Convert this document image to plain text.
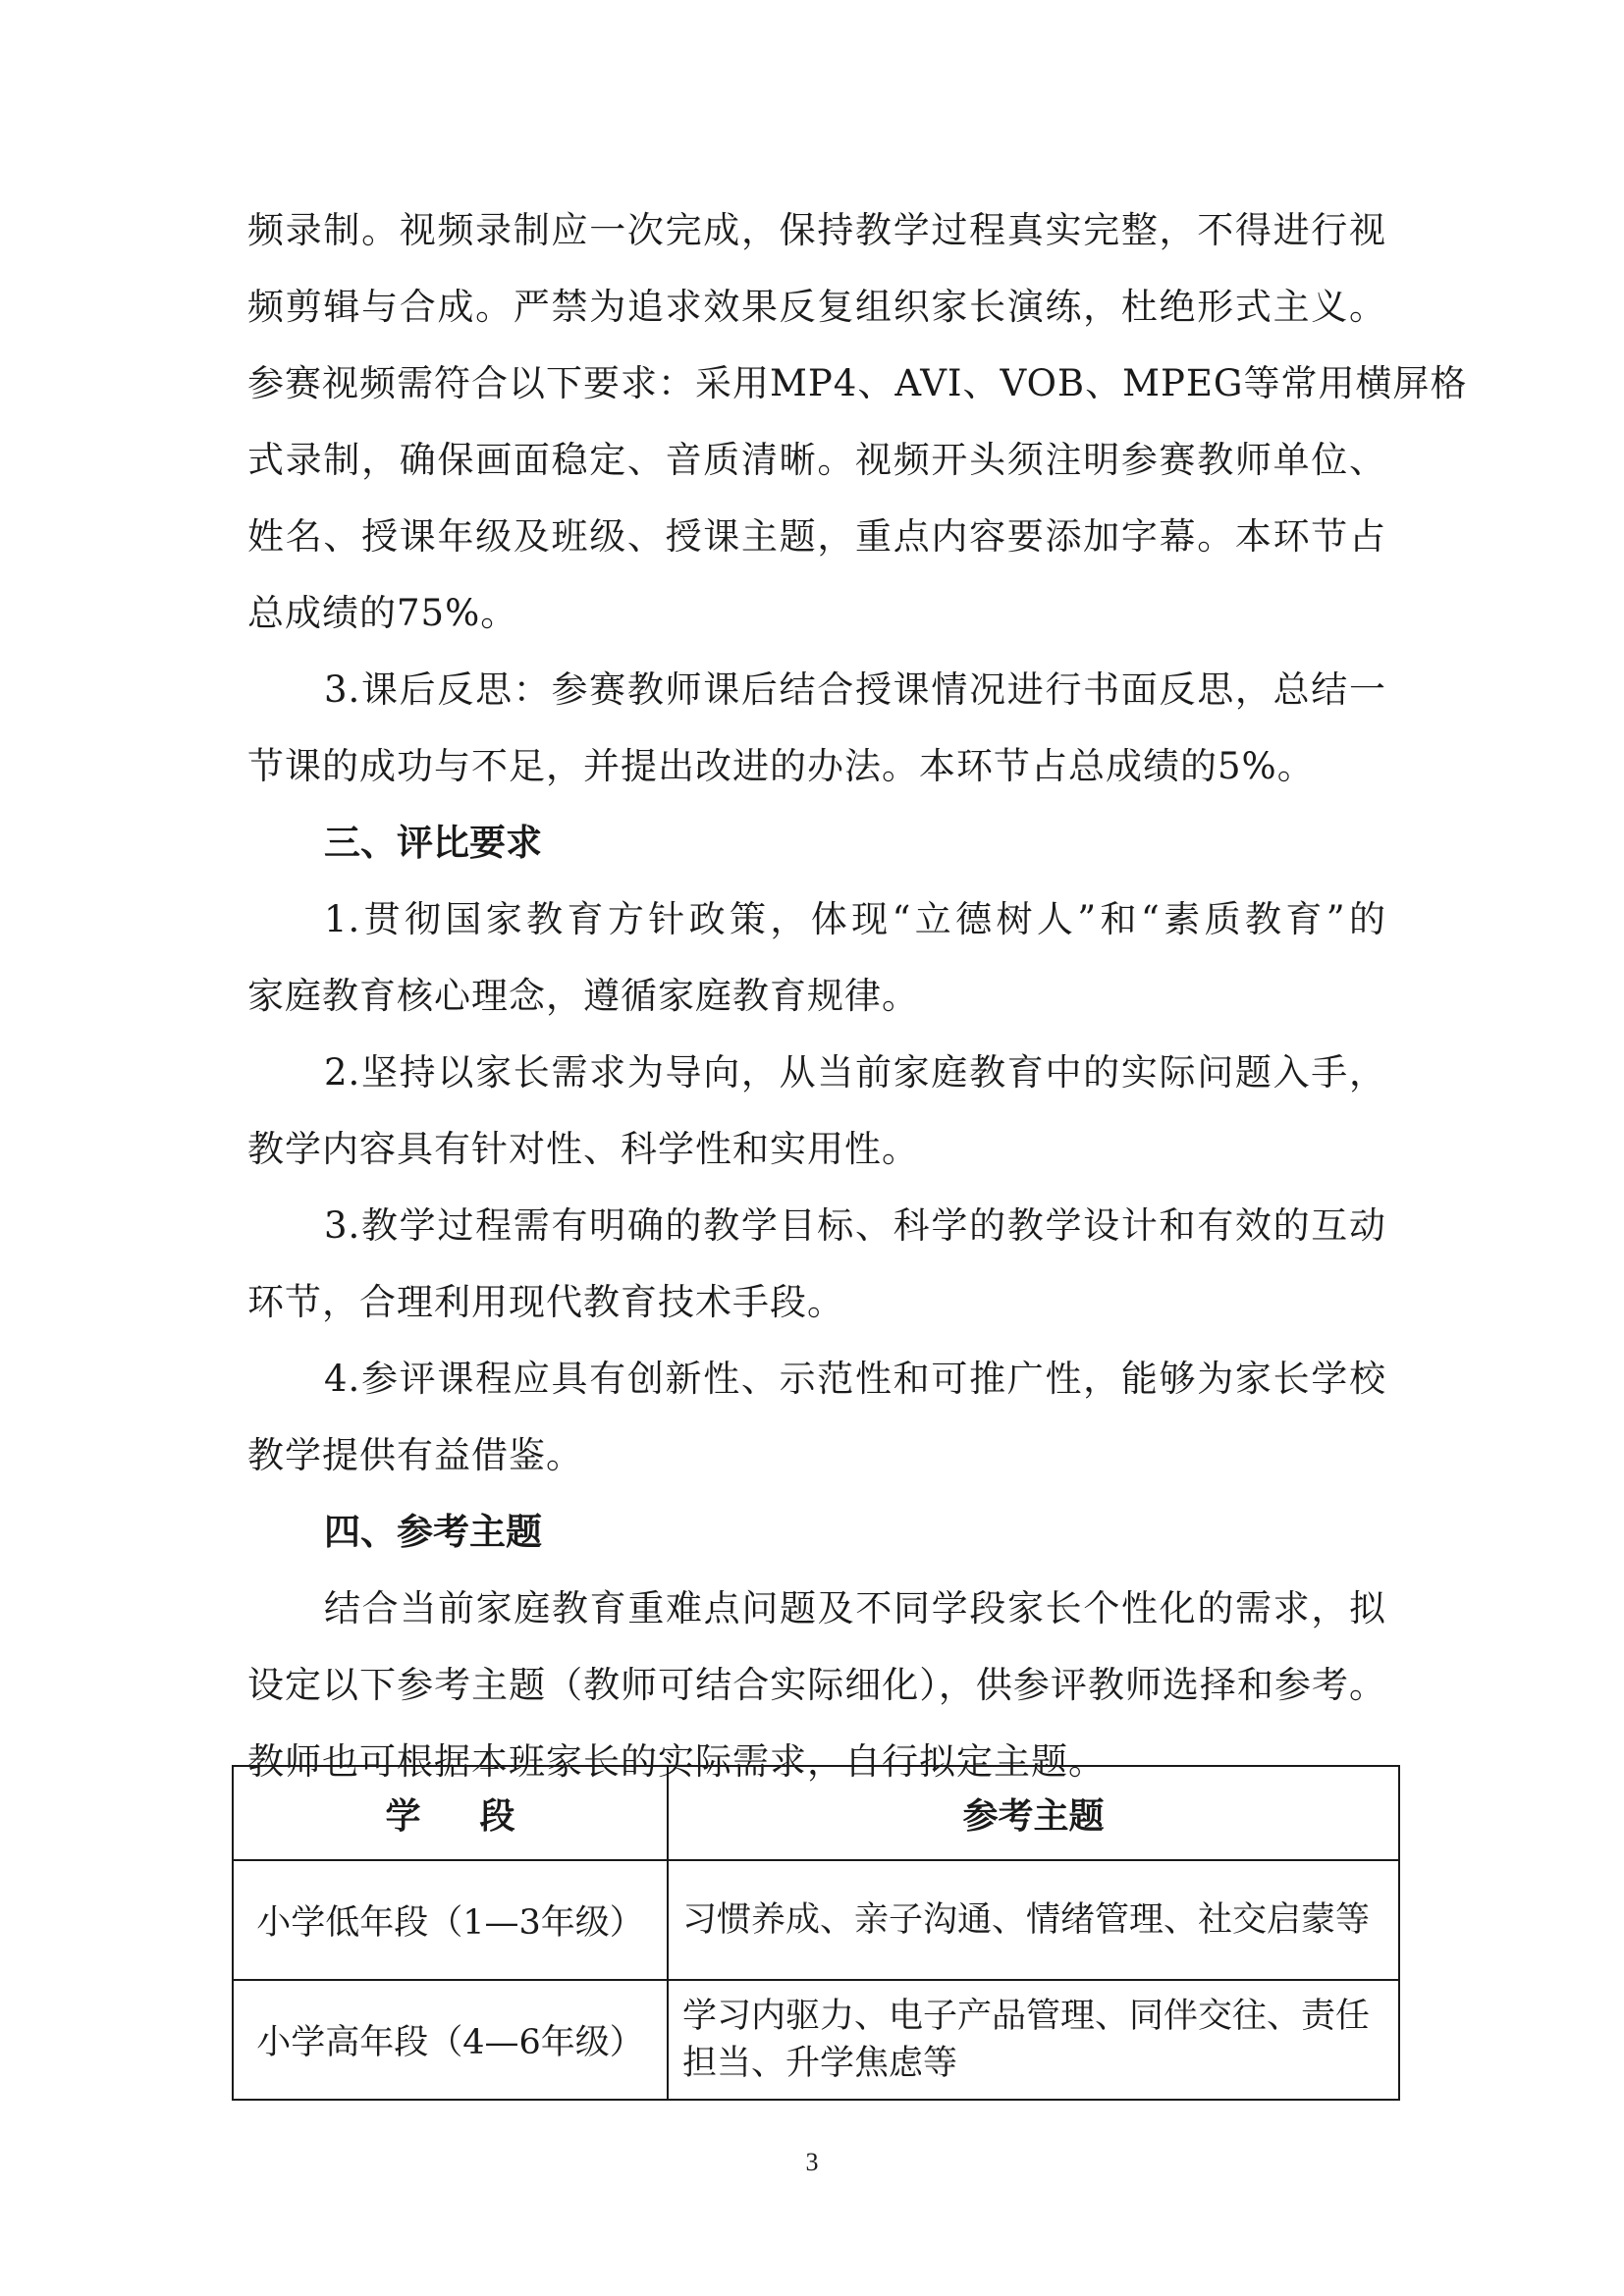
频录制。视频录制应一次完成，保持教学过程真实完整，不得进行视
频剪辑与合成。严禁为追求效果反复组织家长演练，杜绝形式主义。
参赛视频需符合以下要求：采用MP4、AVI、VOB、MPEG等常用横屏格
式录制，确保画面稳定、音质清晰。视频开头须注明参赛教师单位、
姓名、授课年级及班级、授课主题，重点内容要添加字幕。本环节占
总成绩的75%。
3.课后反思：参赛教师课后结合授课情况进行书面反思，总结一
节课的成功与不足，并提出改进的办法。本环节占总成绩的5%。
三、评比要求
1.贯彻国家教育方针政策，体现“立德树人”和“素质教育”的
家庭教育核心理念，遵循家庭教育规律。
2.坚持以家长需求为导向，从当前家庭教育中的实际问题入手，
教学内容具有针对性、科学性和实用性。
3.教学过程需有明确的教学目标、科学的教学设计和有效的互动
环节，合理利用现代教育技术手段。
4.参评课程应具有创新性、示范性和可推广性，能够为家长学校
教学提供有益借鉴。
四、参考主题
结合当前家庭教育重难点问题及不同学段家长个性化的需求，拟
设定以下参考主题（教师可结合实际细化），供参评教师选择和参考。
教师也可根据本班家长的实际需求，自行拟定主题。
学段	参考主题
小学低年段（1—3年级）	习惯养成、亲子沟通、情绪管理、社交启蒙等
小学高年段（4—6年级）	学习内驱力、电子产品管理、同伴交往、责任担当、升学焦虑等
3
